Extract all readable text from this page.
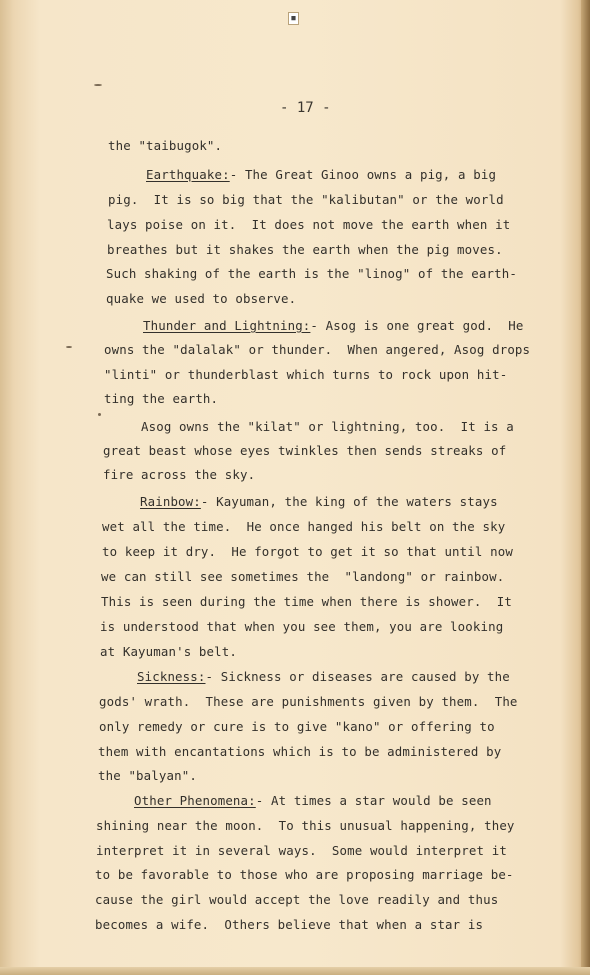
■
- 17 -
the "taibugok".
Earthquake:- The Great Ginoo owns a pig, a big
pig.  It is so big that the "kalibutan" or the world
lays poise on it.  It does not move the earth when it
breathes but it shakes the earth when the pig moves.
Such shaking of the earth is the "linog" of the earth-
quake we used to observe.
Thunder and Lightning:- Asog is one great god.  He
owns the "dalalak" or thunder.  When angered, Asog drops
"linti" or thunderblast which turns to rock upon hit-
ting the earth.
Asog owns the "kilat" or lightning, too.  It is a
great beast whose eyes twinkles then sends streaks of
fire across the sky.
Rainbow:- Kayuman, the king of the waters stays
wet all the time.  He once hanged his belt on the sky
to keep it dry.  He forgot to get it so that until now
we can still see sometimes the  "landong" or rainbow.
This is seen during the time when there is shower.  It
is understood that when you see them, you are looking
at Kayuman's belt.
Sickness:- Sickness or diseases are caused by the
gods' wrath.  These are punishments given by them.  The
only remedy or cure is to give "kano" or offering to
them with encantations which is to be administered by
the "balyan".
Other Phenomena:- At times a star would be seen
shining near the moon.  To this unusual happening, they
interpret it in several ways.  Some would interpret it
to be favorable to those who are proposing marriage be-
cause the girl would accept the love readily and thus
becomes a wife.  Others believe that when a star is
